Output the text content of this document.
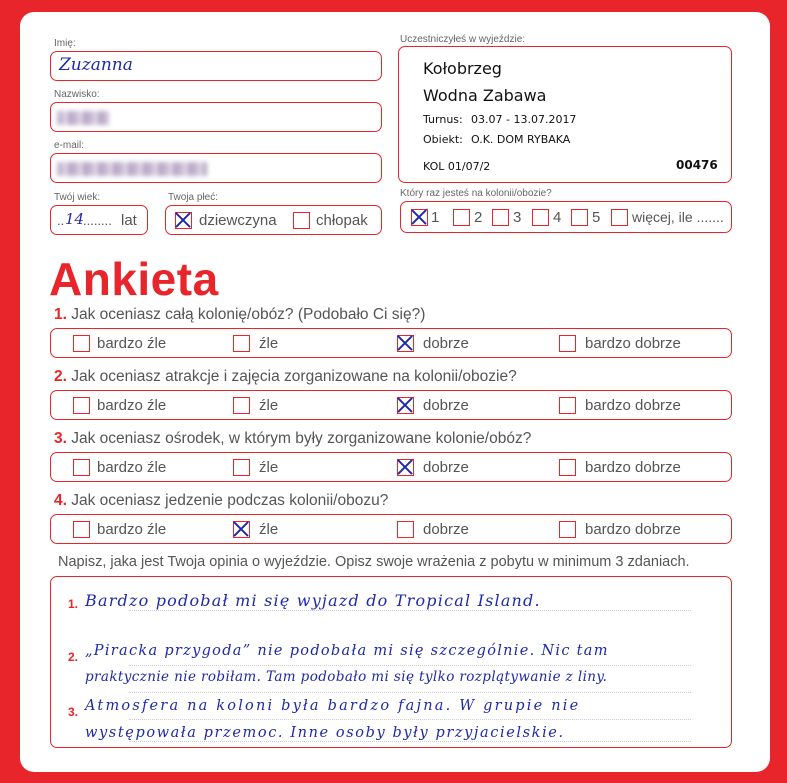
Imię:
Zuzanna
Nazwisko:
e-mail:
Twój wiek:
.. 14
........ lat
Twoja płeć:
dziewczyna	chłopak
Uczestniczyłeś w wyjeździe:
Kołobrzeg
Wodna Zabawa
Turnus: 03.07 - 13.07.2017
Obiekt: O.K. DOM RYBAKA
KOL 01/07/2	00476
Który raz jesteś na kolonii/obozie?
1 2 3 4 5 więcej, ile .......
Ankieta
1. Jak oceniasz całą kolonię/obóz? (Podobało Ci się?)
bardzo źle	źle	dobrze	bardzo dobrze
2. Jak oceniasz atrakcje i zajęcia zorganizowane na kolonii/obozie?
bardzo źle	źle	dobrze	bardzo dobrze
3. Jak oceniasz ośrodek, w którym były zorganizowane kolonie/obóz?
bardzo źle	źle	dobrze	bardzo dobrze
4. Jak oceniasz jedzenie podczas kolonii/obozu?
bardzo źle	źle	dobrze	bardzo dobrze
Napisz, jaka jest Twoja opinia o wyjeździe. Opisz swoje wrażenia z pobytu w minimum 3 zdaniach.
1.
2.
3.
Bardzo podobał mi się wyjazd do Tropical Island.
„Piracka przygoda” nie podobała mi się szczególnie. Nic tam
praktycznie nie robiłam. Tam podobało mi się tylko rozplątywanie z liny.
Atmosfera na koloni była bardzo fajna. W grupie nie
występowała przemoc. Inne osoby były przyjacielskie.
